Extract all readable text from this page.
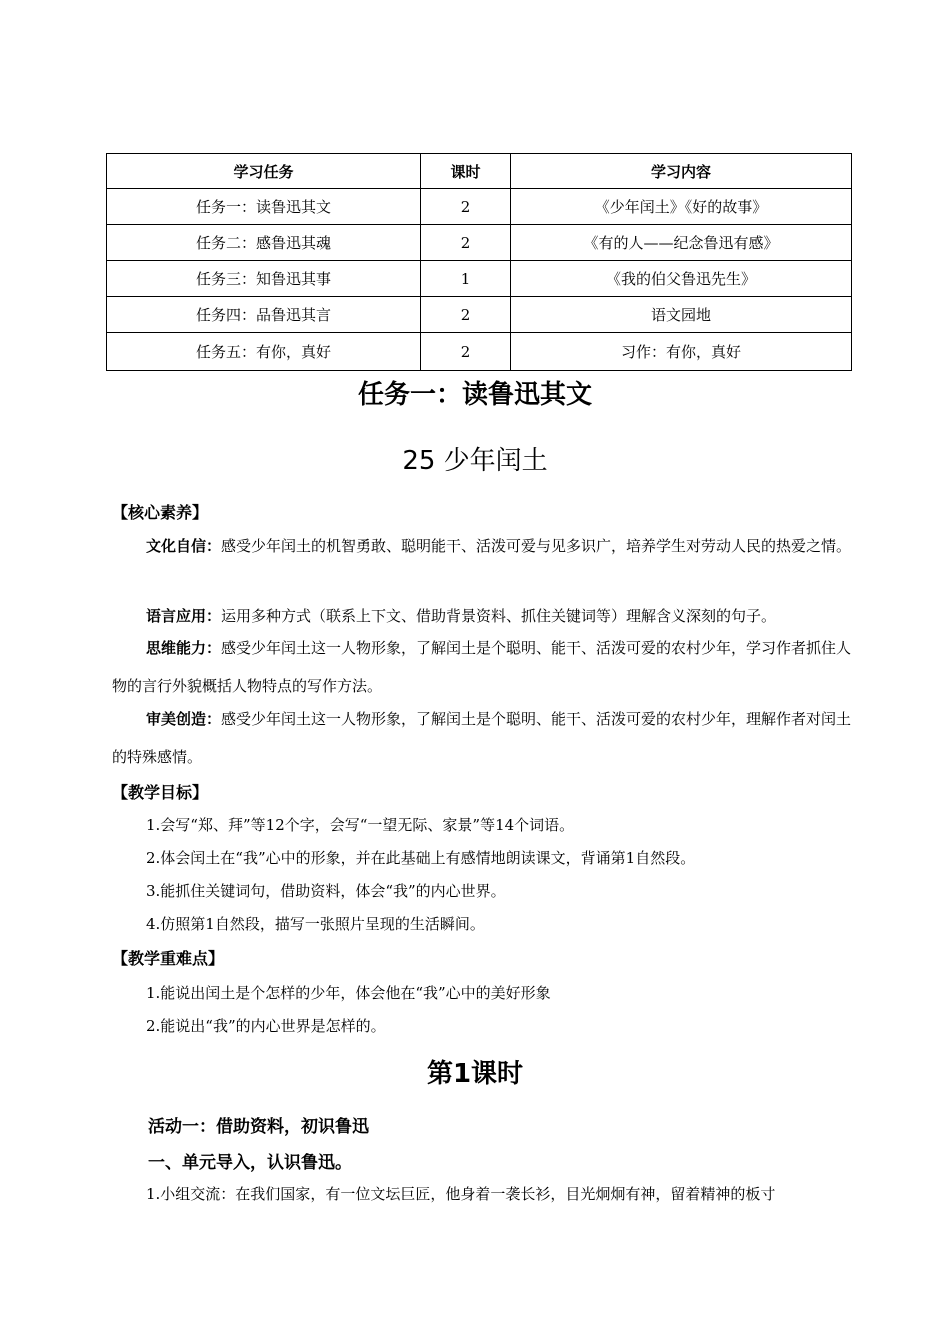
学习任务	课时	学习内容
任务一：读鲁迅其文	2	《少年闰土》《好的故事》
任务二：感鲁迅其魂	2	《有的人——纪念鲁迅有感》
任务三：知鲁迅其事	1	《我的伯父鲁迅先生》
任务四：品鲁迅其言	2	语文园地
任务五：有你，真好	2	习作：有你，真好
任务一：读鲁迅其文
25 少年闰土
【核心素养】
文化自信：感受少年闰土的机智勇敢、聪明能干、活泼可爱与见多识广，培养学生对劳动人民的热爱之情。
语言应用：运用多种方式（联系上下文、借助背景资料、抓住关键词等）理解含义深刻的句子。
思维能力：感受少年闰土这一人物形象，了解闰土是个聪明、能干、活泼可爱的农村少年，学习作者抓住人物的言行外貌概括人物特点的写作方法。
审美创造：感受少年闰土这一人物形象，了解闰土是个聪明、能干、活泼可爱的农村少年，理解作者对闰土的特殊感情。
【教学目标】
1.会写“郑、拜”等12个字，会写“一望无际、家景”等14个词语。
2.体会闰土在“我”心中的形象，并在此基础上有感情地朗读课文，背诵第1自然段。
3.能抓住关键词句，借助资料，体会“我”的内心世界。
4.仿照第1自然段，描写一张照片呈现的生活瞬间。
【教学重难点】
1.能说出闰土是个怎样的少年，体会他在“我”心中的美好形象
2.能说出“我”的内心世界是怎样的。
第1课时
活动一：借助资料，初识鲁迅
一、单元导入，认识鲁迅。
1.小组交流：在我们国家，有一位文坛巨匠，他身着一袭长衫，目光炯炯有神，留着精神的板寸
